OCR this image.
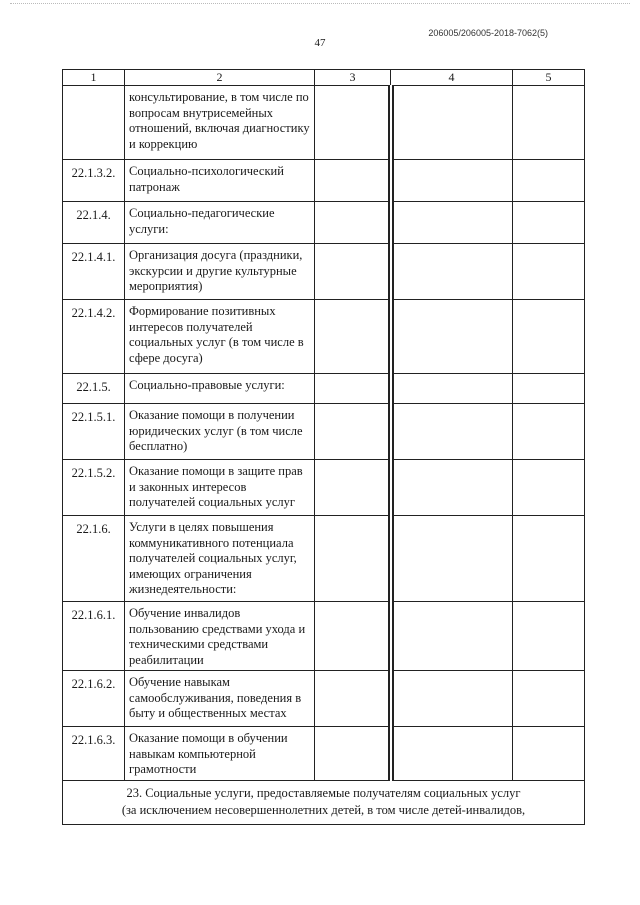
206005/206005-2018-7062(5)
47
1	2	3	4	5
	консультирование, в том числе по вопросам внутрисемейных отношений, включая диагностику и коррекцию			
22.1.3.2.	Социально-психологический патронаж			
22.1.4.	Социально-педагогические услуги:			
22.1.4.1.	Организация досуга (праздники, экскурсии и другие культурные мероприятия)			
22.1.4.2.	Формирование позитивных интересов получателей социальных услуг (в том числе в сфере досуга)			
22.1.5.	Социально-правовые услуги:			
22.1.5.1.	Оказание помощи в получении юридических услуг (в том числе бесплатно)			
22.1.5.2.	Оказание помощи в защите прав и законных интересов получателей социальных услуг			
22.1.6.	Услуги в целях повышения коммуникативного потенциала получателей социальных услуг, имеющих ограничения жизнедеятельности:			
22.1.6.1.	Обучение инвалидов пользованию средствами ухода и техническими средствами реабилитации			
22.1.6.2.	Обучение навыкам самообслуживания, поведения в быту и общественных местах			
22.1.6.3.	Оказание помощи в обучении навыкам компьютерной грамотности			

23. Социальные услуги, предоставляемые получателям социальных услуг
(за исключением несовершеннолетних детей, в том числе детей-инвалидов,				
